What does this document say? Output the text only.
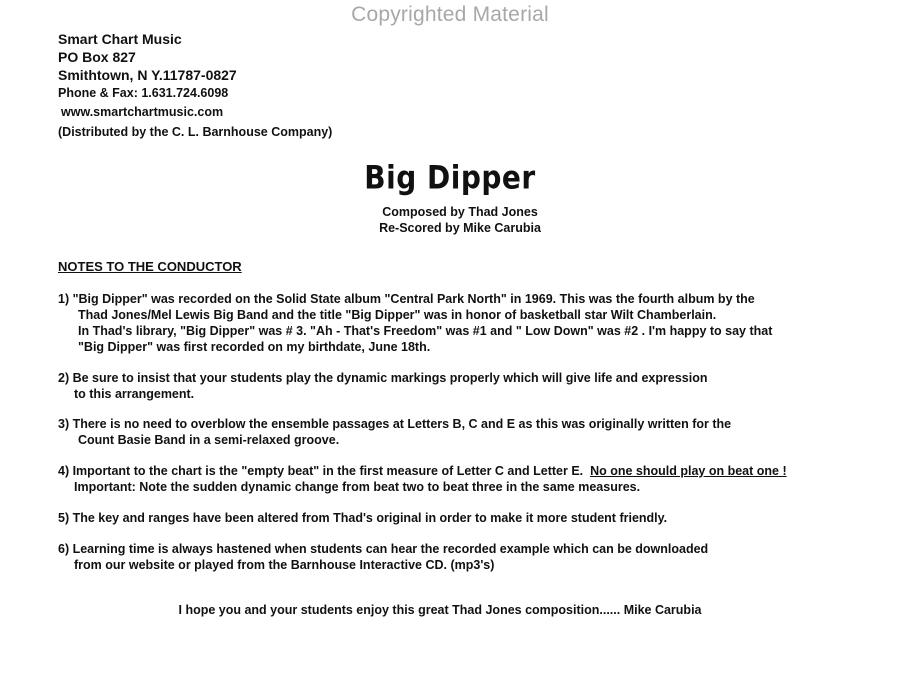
Copyrighted Material
Smart Chart Music
PO Box 827
Smithtown, N Y.11787-0827
Phone & Fax: 1.631.724.6098
www.smartchartmusic.com
(Distributed by the C. L. Barnhouse Company)
Big Dipper
Composed by Thad Jones
Re-Scored by Mike Carubia
NOTES TO THE CONDUCTOR
1) "Big Dipper" was recorded on the Solid State album "Central Park North" in 1969. This was the fourth album by the
Thad Jones/Mel Lewis Big Band and the title "Big Dipper" was in honor of basketball star Wilt Chamberlain.
In Thad's library, "Big Dipper" was # 3. "Ah - That's Freedom" was #1 and " Low Down" was #2 . I'm happy to say that
"Big Dipper" was first recorded on my birthdate, June 18th.
2) Be sure to insist that your students play the dynamic markings properly which will give life and expression
to this arrangement.
3) There is no need to overblow the ensemble passages at Letters B, C and E as this was originally written for the
Count Basie Band in a semi-relaxed groove.
4) Important to the chart is the "empty beat" in the first measure of Letter C and Letter E. No one should play on beat one !
Important: Note the sudden dynamic change from beat two to beat three in the same measures.
5) The key and ranges have been altered from Thad's original in order to make it more student friendly.
6) Learning time is always hastened when students can hear the recorded example which can be downloaded
from our website or played from the Barnhouse Interactive CD. (mp3's)
I hope you and your students enjoy this great Thad Jones composition...... Mike Carubia
